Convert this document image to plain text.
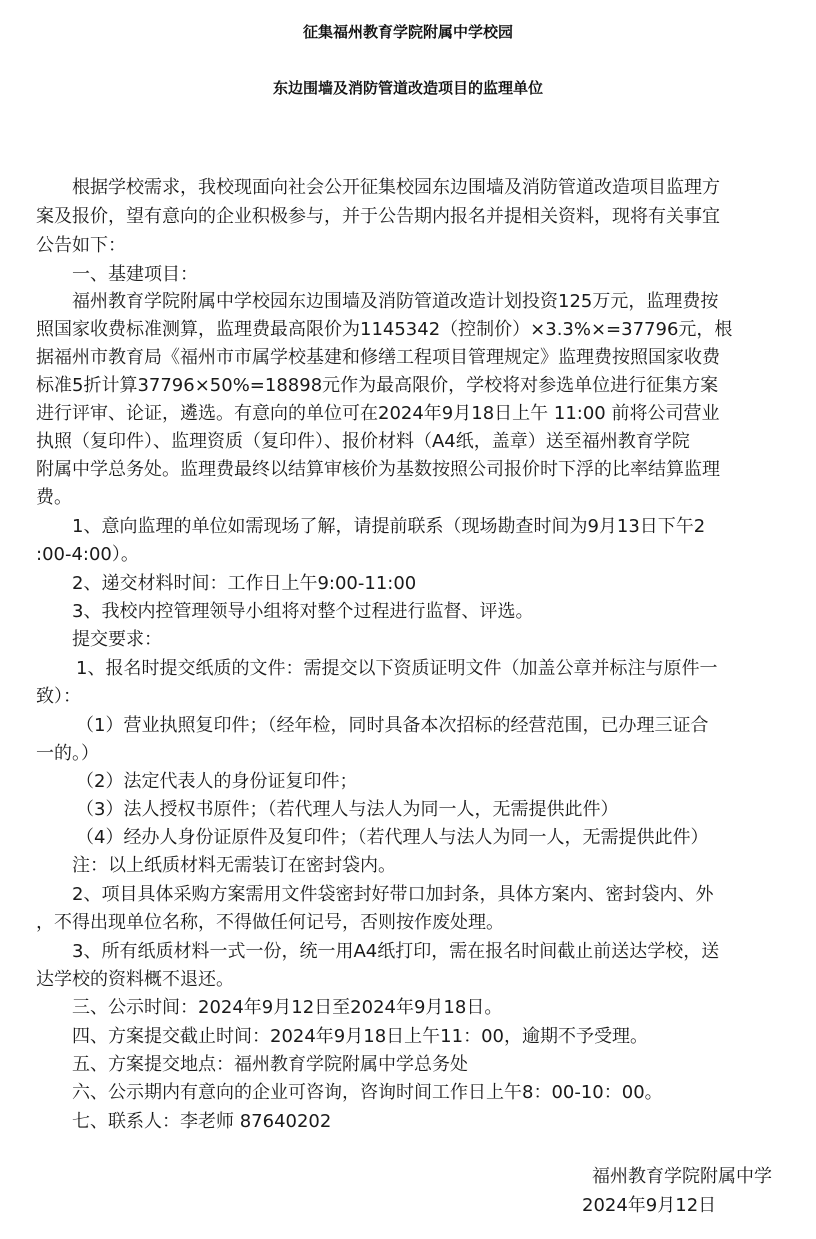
征集福州教育学院附属中学校园
东边围墙及消防管道改造项目的监理单位

根据学校需求，我校现面向社会公开征集校园东边围墙及消防管道改造项目监理方

案及报价，望有意向的企业积极参与，并于公告期内报名并提相关资料，现将有关事宜

公告如下：

一、基建项目：

福州教育学院附属中学校园东边围墙及消防管道改造计划投资125万元，监理费按

照国家收费标准测算，监理费最高限价为1145342（控制价）×3.3%×=37796元，根

据福州市教育局《福州市市属学校基建和修缮工程项目管理规定》监理费按照国家收费

标准5折计算37796×50%=18898元作为最高限价，学校将对参选单位进行征集方案

进行评审、论证，遴选。有意向的单位可在2024年9月18日上午 11:00 前将公司营业

执照（复印件）、监理资质（复印件）、报价材料（A4纸，盖章）送至福州教育学院

附属中学总务处。监理费最终以结算审核价为基数按照公司报价时下浮的比率结算监理

费。

1、意向监理的单位如需现场了解，请提前联系（现场勘查时间为9月13日下午2

:00-4:00）。

2、递交材料时间：工作日上午9:00-11:00

3、我校内控管理领导小组将对整个过程进行监督、评选。

提交要求：

1、报名时提交纸质的文件：需提交以下资质证明文件（加盖公章并标注与原件一

致）：

（1）营业执照复印件；（经年检，同时具备本次招标的经营范围，已办理三证合

一的。）

（2）法定代表人的身份证复印件；

（3）法人授权书原件；（若代理人与法人为同一人，无需提供此件）

（4）经办人身份证原件及复印件；（若代理人与法人为同一人，无需提供此件）

注：以上纸质材料无需装订在密封袋内。

2、项目具体采购方案需用文件袋密封好带口加封条，具体方案内、密封袋内、外

，不得出现单位名称，不得做任何记号，否则按作废处理。

3、所有纸质材料一式一份，统一用A4纸打印，需在报名时间截止前送达学校，送

达学校的资料概不退还。

三、公示时间：2024年9月12日至2024年9月18日。

四、方案提交截止时间：2024年9月18日上午11：00，逾期不予受理。

五、方案提交地点：福州教育学院附属中学总务处

六、公示期内有意向的企业可咨询，咨询时间工作日上午8：00-10：00。

七、联系人：李老师 87640202

福州教育学院附属中学
2024年9月12日
